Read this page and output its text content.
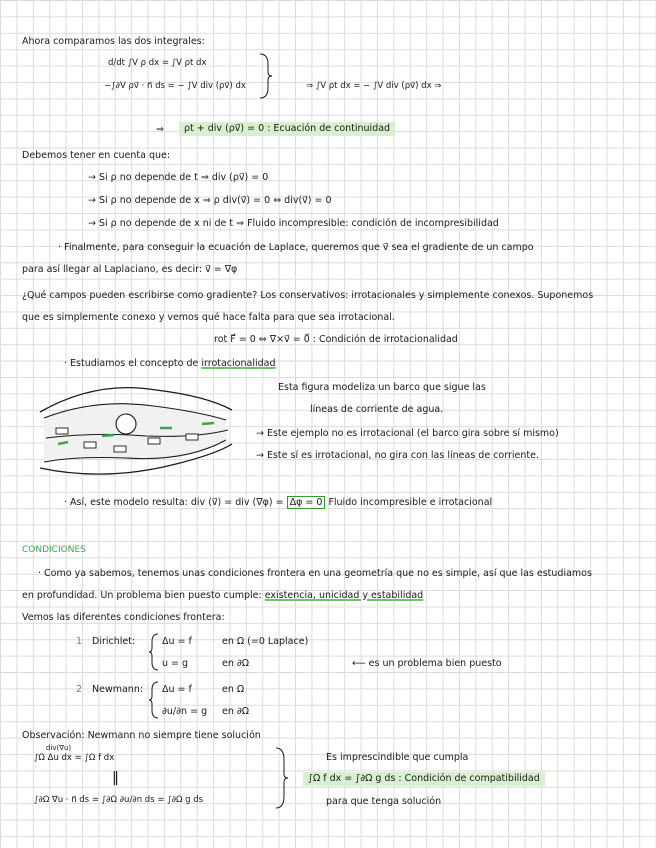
Ahora comparamos las dos integrales:
d/dt ∫V ρ dx = ∫V ρt dx
−∫∂V ρv⃗ · n⃗ ds = − ∫V div (ρv⃗) dx	⇒ ∫V ρt dx = − ∫V div (ρv⃗) dx ⇒
⇒	ρt + div (ρv⃗) = 0 : Ecuación de continuidad
Debemos tener en cuenta que:
→ Si ρ no depende de t ⇒ div (ρv⃗) = 0
→ Si ρ no depende de x ⇒ ρ div(v⃗) = 0 ⇔ div(v⃗) = 0
→ Si ρ no depende de x ni de t ⇒ Fluido incompresible: condición de incompresibilidad
· Finalmente, para conseguir la ecuación de Laplace, queremos que v⃗ sea el gradiente de un campo
para así llegar al Laplaciano, es decir: v⃗ = ∇φ
¿Qué campos pueden escribirse como gradiente? Los conservativos: irrotacionales y simplemente conexos. Suponemos
que es simplemente conexo y vemos qué hace falta para que sea irrotacional.
rot F⃗ = 0 ⇔ ∇×v⃗ = 0⃗ : Condición de irrotacionalidad
· Estudiamos el concepto de irrotacionalidad
Esta figura modeliza un barco que sigue las
líneas de corriente de agua.
→ Este ejemplo no es irrotacional (el barco gira sobre sí mismo)
→ Este sí es irrotacional, no gira con las líneas de corriente.
· Así, este modelo resulta: div (v⃗) = div (∇φ) = Δφ = 0 Fluido incompresible e irrotacional
CONDICIONES
· Como ya sabemos, tenemos unas condiciones frontera en una geometría que no es simple, así que las estudiamos
en profundidad. Un problema bien puesto cumple: existencia, unicidad y estabilidad
Vemos las diferentes condiciones frontera:
1 Dirichlet:	Δu = f	en Ω (=0 Laplace)
u = g	en ∂Ω	⟵ es un problema bien puesto
2 Newmann: Δu = f	en Ω
∂u/∂n = g en ∂Ω
Observación: Newmann no siempre tiene solución
div(∇u)
∫Ω Δu dx = ∫Ω f dx
‖
∫∂Ω ∇u · n⃗ ds = ∫∂Ω ∂u/∂n ds = ∫∂Ω g ds
Es imprescindible que cumpla
∫Ω f dx = ∫∂Ω g ds : Condición de compatibilidad
para que tenga solución
